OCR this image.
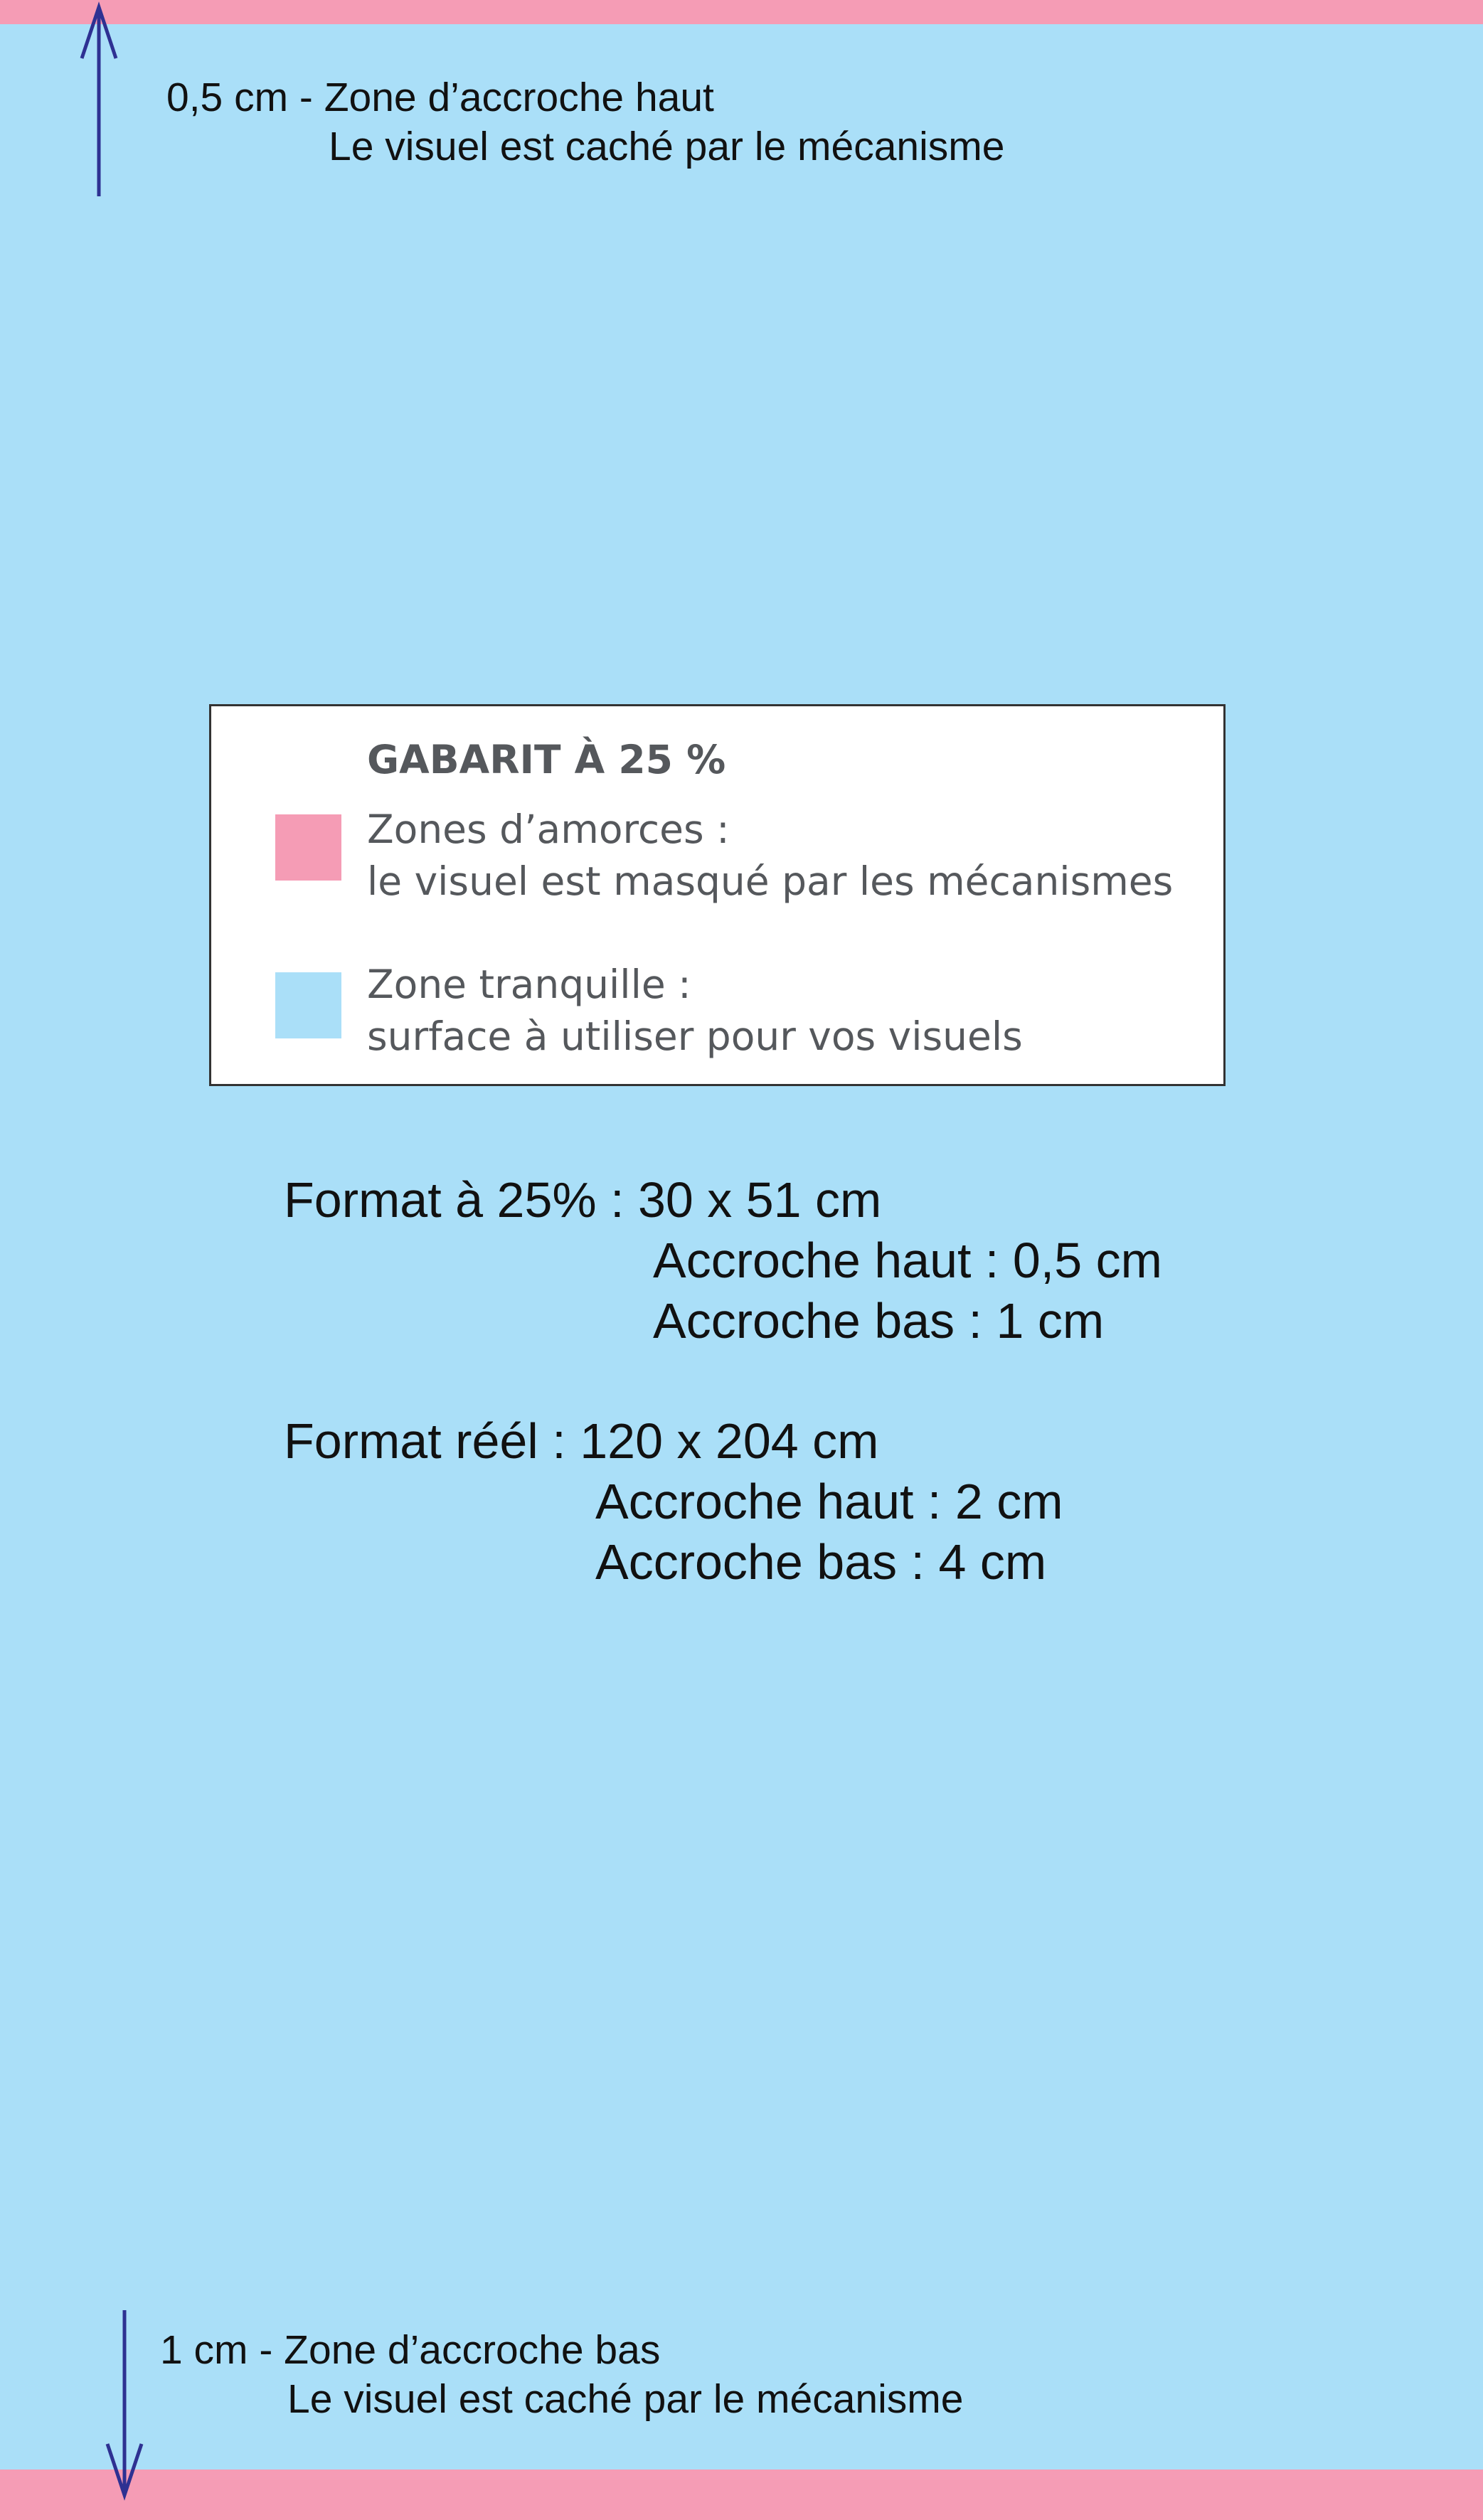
0,5 cm - Zone d’accroche haut
Le visuel est caché par le mécanisme
GABARIT À 25 %
Zones d’amorces :
le visuel est masqué par les mécanismes
Zone tranquille :
surface à utiliser pour vos visuels
Format à 25% : 30 x 51 cm
Accroche haut : 0,5 cm
Accroche bas : 1 cm
Format réél : 120 x 204 cm
Accroche haut : 2 cm
Accroche bas : 4 cm
1 cm - Zone d’accroche bas
Le visuel est caché par le mécanisme
